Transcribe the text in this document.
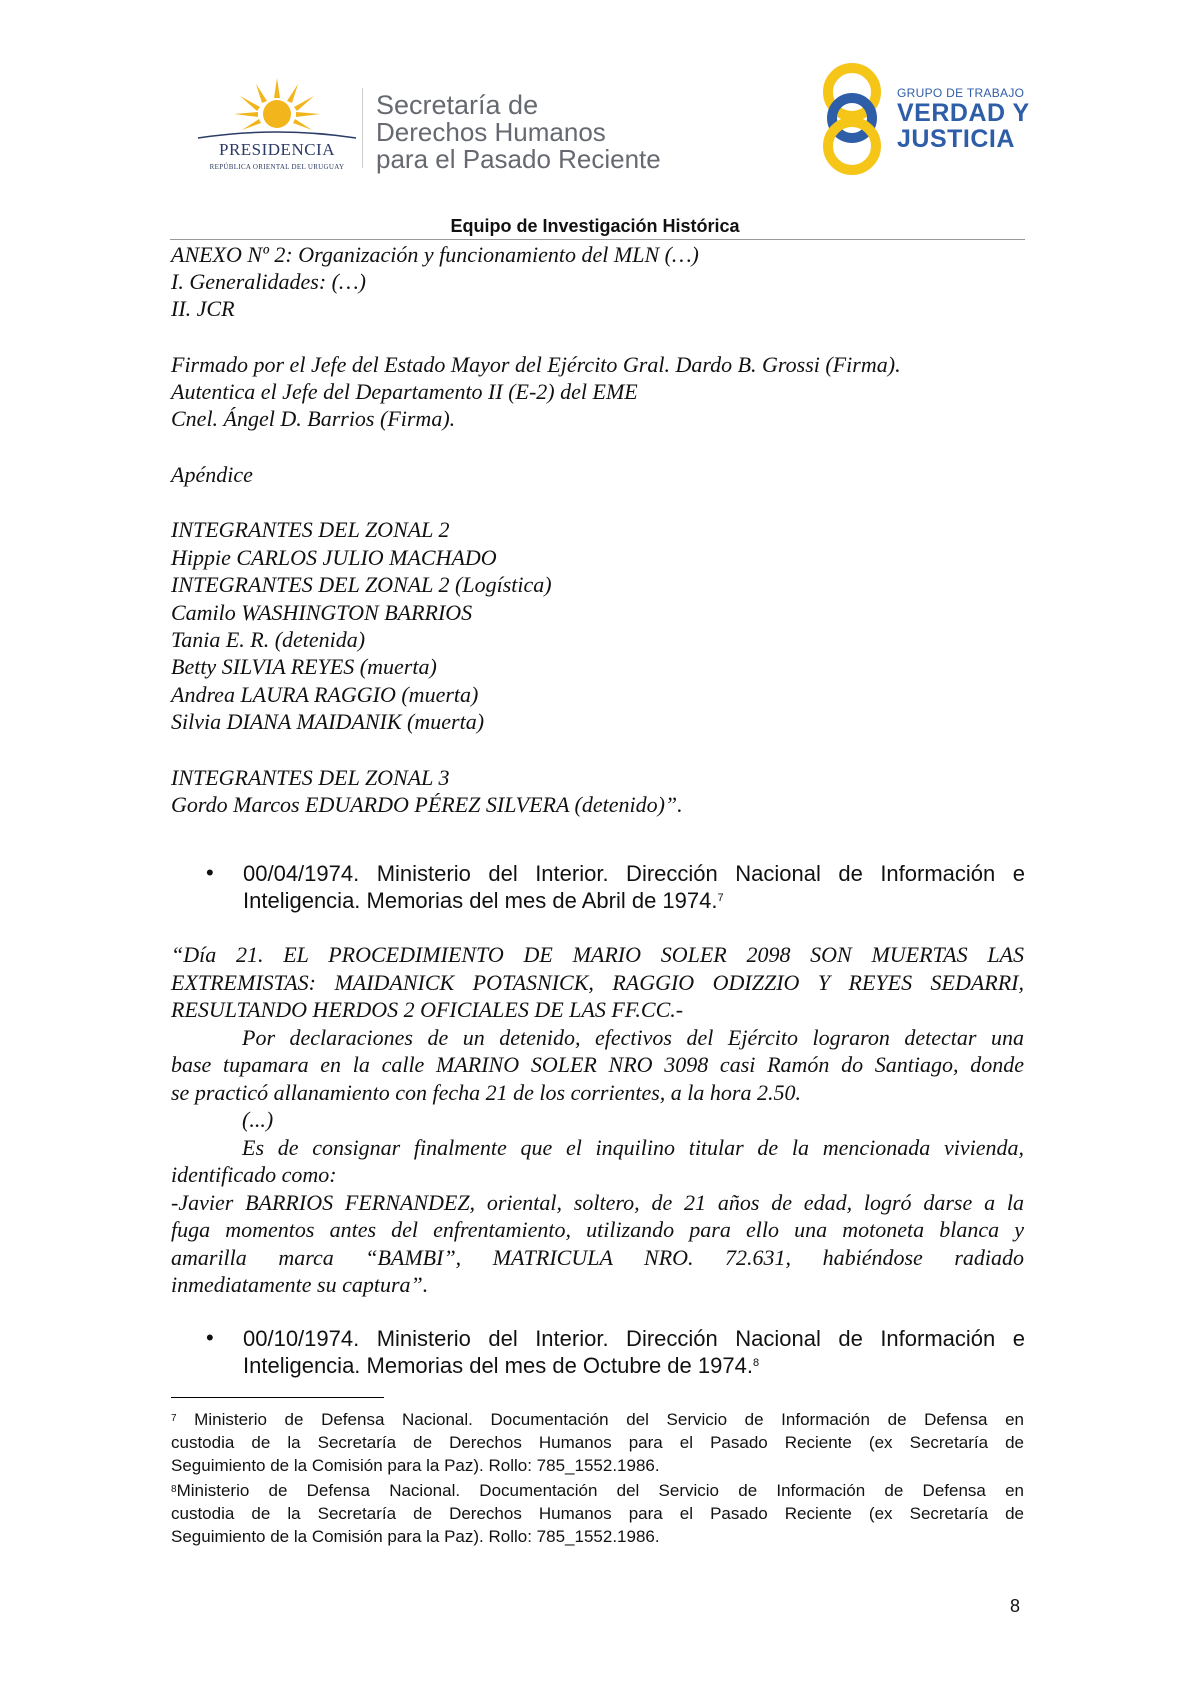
PRESIDENCIA
REPÚBLICA ORIENTAL DEL URUGUAY
Secretaría de
Derechos Humanos
para el Pasado Reciente
GRUPO DE TRABAJO
VERDAD Y
JUSTICIA
Equipo de Investigación Histórica
ANEXO Nº 2: Organización y funcionamiento del MLN (…)
I. Generalidades: (…)
II. JCR
Firmado por el Jefe del Estado Mayor del Ejército Gral. Dardo B. Grossi (Firma).
Autentica el Jefe del Departamento II (E-2) del EME
Cnel. Ángel D. Barrios (Firma).
Apéndice
INTEGRANTES DEL ZONAL 2
Hippie CARLOS JULIO MACHADO
INTEGRANTES DEL ZONAL 2 (Logística)
Camilo WASHINGTON BARRIOS
Tania E. R. (detenida)
Betty SILVIA REYES (muerta)
Andrea LAURA RAGGIO (muerta)
Silvia DIANA MAIDANIK (muerta)
INTEGRANTES DEL ZONAL 3
Gordo Marcos EDUARDO PÉREZ SILVERA (detenido)”.
• 00/04/1974. Ministerio del Interior. Dirección Nacional de Información e
Inteligencia. Memorias del mes de Abril de 1974.$^7$
“Día 21. EL PROCEDIMIENTO DE MARIO SOLER 2098 SON MUERTAS LAS
EXTREMISTAS: MAIDANICK POTASNICK, RAGGIO ODIZZIO Y REYES SEDARRI,
RESULTANDO HERDOS 2 OFICIALES DE LAS FF.CC.-
Por declaraciones de un detenido, efectivos del Ejército lograron detectar una
base tupamara en la calle MARINO SOLER NRO 3098 casi Ramón do Santiago, donde
se practicó allanamiento con fecha 21 de los corrientes, a la hora 2.50.
(...)
Es de consignar finalmente que el inquilino titular de la mencionada vivienda,
identificado como:
-Javier BARRIOS FERNANDEZ, oriental, soltero, de 21 años de edad, logró darse a la
fuga momentos antes del enfrentamiento, utilizando para ello una motoneta blanca y
amarilla marca “BAMBI”, MATRICULA NRO. 72.631, habiéndose radiado
inmediatamente su captura”.
• 00/10/1974. Ministerio del Interior. Dirección Nacional de Información e
Inteligencia. Memorias del mes de Octubre de 1974.$^8$
$^7$ Ministerio de Defensa Nacional. Documentación del Servicio de Información de Defensa en
custodia de la Secretaría de Derechos Humanos para el Pasado Reciente (ex Secretaría de
Seguimiento de la Comisión para la Paz). Rollo: 785_1552.1986.
$^8$Ministerio de Defensa Nacional. Documentación del Servicio de Información de Defensa en
custodia de la Secretaría de Derechos Humanos para el Pasado Reciente (ex Secretaría de
Seguimiento de la Comisión para la Paz). Rollo: 785_1552.1986.
8
